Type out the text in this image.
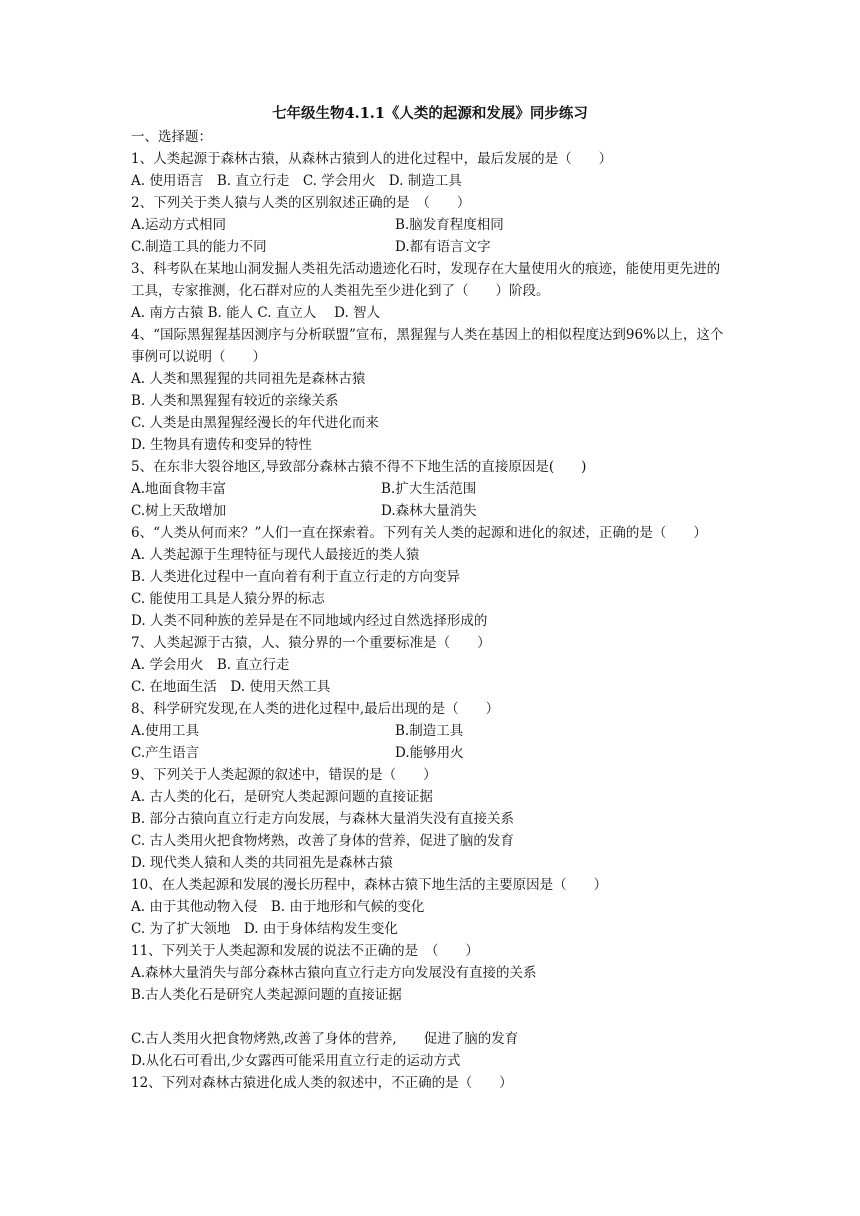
七年级生物4.1.1《人类的起源和发展》同步练习
一、选择题：
1、人类起源于森林古猿，从森林古猿到人的进化过程中，最后发展的是（　　）
A. 使用语言　B. 直立行走　C. 学会用火　D. 制造工具
2、下列关于类人猿与人类的区别叙述正确的是　（　　）
A.运动方式相同	B.脑发育程度相同
C.制造工具的能力不同	D.都有语言文字
3、科考队在某地山洞发掘人类祖先活动遗迹化石时，发现存在大量使用火的痕迹，能使用更先进的工具，专家推测，化石群对应的人类祖先至少进化到了（　　）阶段。
A. 南方古猿 B. 能人 C. 直立人　 D. 智人
4、“国际黑猩猩基因测序与分析联盟”宣布，黑猩猩与人类在基因上的相似程度达到96%以上，这个事例可以说明（　　）
A. 人类和黑猩猩的共同祖先是森林古猿
B. 人类和黑猩猩有较近的亲缘关系
C. 人类是由黑猩猩经漫长的年代进化而来
D. 生物具有遗传和变异的特性
5、在东非大裂谷地区,导致部分森林古猿不得不下地生活的直接原因是(　　)
A.地面食物丰富	B.扩大生活范围
C.树上天敌增加	D.森林大量消失
6、“人类从何而来？”人们一直在探索着。下列有关人类的起源和进化的叙述，正确的是（　　）
A. 人类起源于生理特征与现代人最接近的类人猿
B. 人类进化过程中一直向着有利于直立行走的方向变异
C. 能使用工具是人猿分界的标志
D. 人类不同种族的差异是在不同地域内经过自然选择形成的
7、人类起源于古猿，人、猿分界的一个重要标准是（　　）
A. 学会用火　B. 直立行走
C. 在地面生活　D. 使用天然工具
8、科学研究发现,在人类的进化过程中,最后出现的是（　　）
A.使用工具	B.制造工具
C.产生语言	D.能够用火
9、下列关于人类起源的叙述中，错误的是（　　）
A. 古人类的化石，是研究人类起源问题的直接证据
B. 部分古猿向直立行走方向发展，与森林大量消失没有直接关系
C. 古人类用火把食物烤熟，改善了身体的营养，促进了脑的发育
D. 现代类人猿和人类的共同祖先是森林古猿
10、在人类起源和发展的漫长历程中，森林古猿下地生活的主要原因是（　　）
A. 由于其他动物入侵　B. 由于地形和气候的变化
C. 为了扩大领地　D. 由于身体结构发生变化
11、下列关于人类起源和发展的说法不正确的是　（　　）
A.森林大量消失与部分森林古猿向直立行走方向发展没有直接的关系
B.古人类化石是研究人类起源问题的直接证据
C.古人类用火把食物烤熟,改善了身体的营养,　　促进了脑的发育
D.从化石可看出,少女露西可能采用直立行走的运动方式
12、下列对森林古猿进化成人类的叙述中，不正确的是（　　）
